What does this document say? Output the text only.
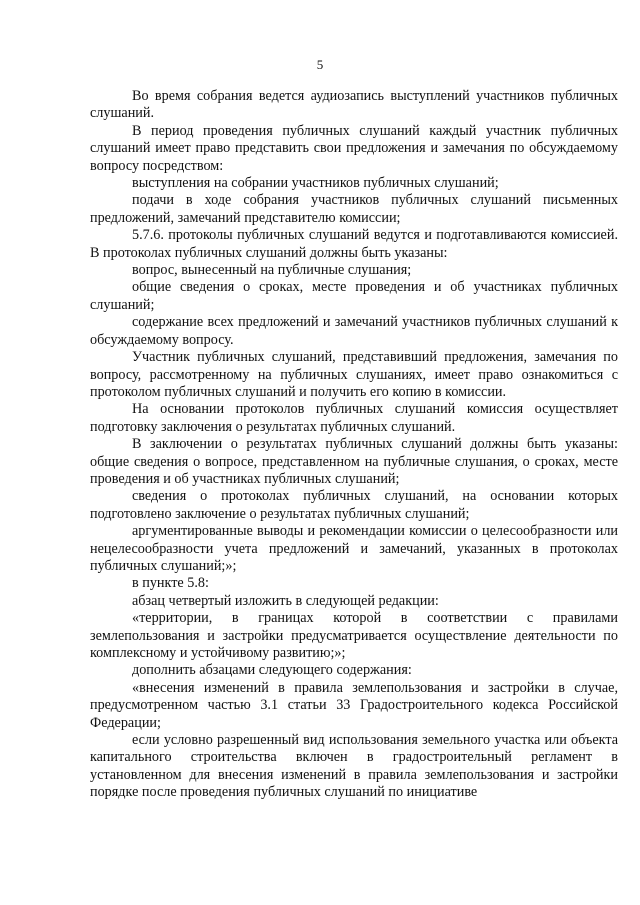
5

Во время собрания ведется аудиозапись выступлений участников публичных слушаний.

В период проведения публичных слушаний каждый участник публичных слушаний имеет право представить свои предложения и замечания по обсуждаемому вопросу посредством:

выступления на собрании участников публичных слушаний;

подачи в ходе собрания участников публичных слушаний письменных предложений, замечаний представителю комиссии;

5.7.6. протоколы публичных слушаний ведутся и подготавливаются комиссией. В протоколах публичных слушаний должны быть указаны:

вопрос, вынесенный на публичные слушания;

общие сведения о сроках, месте проведения и об участниках публичных слушаний;

содержание всех предложений и замечаний участников публичных слушаний к обсуждаемому вопросу.

Участник публичных слушаний, представивший предложения, замечания по вопросу, рассмотренному на публичных слушаниях, имеет право ознакомиться с протоколом публичных слушаний и получить его копию в комиссии.

На основании протоколов публичных слушаний комиссия осуществляет подготовку заключения о результатах публичных слушаний.

В заключении о результатах публичных слушаний должны быть указаны: общие сведения о вопросе, представленном на публичные слушания, о сроках, месте проведения и об участниках публичных слушаний;

сведения о протоколах публичных слушаний, на основании которых подготовлено заключение о результатах публичных слушаний;

аргументированные выводы и рекомендации комиссии о целесообразности или нецелесообразности учета предложений и замечаний, указанных в протоколах публичных слушаний;»;

в пункте 5.8:

абзац четвертый изложить в следующей редакции:

«территории, в границах которой в соответствии с правилами землепользования и застройки предусматривается осуществление деятельности по комплексному и устойчивому развитию;»;

дополнить абзацами следующего содержания:

«внесения изменений в правила землепользования и застройки в случае, предусмотренном частью 3.1 статьи 33 Градостроительного кодекса Российской Федерации;

если условно разрешенный вид использования земельного участка или объекта капитального строительства включен в градостроительный регламент в установленном для внесения изменений в правила землепользования и застройки порядке после проведения публичных слушаний по инициативе
